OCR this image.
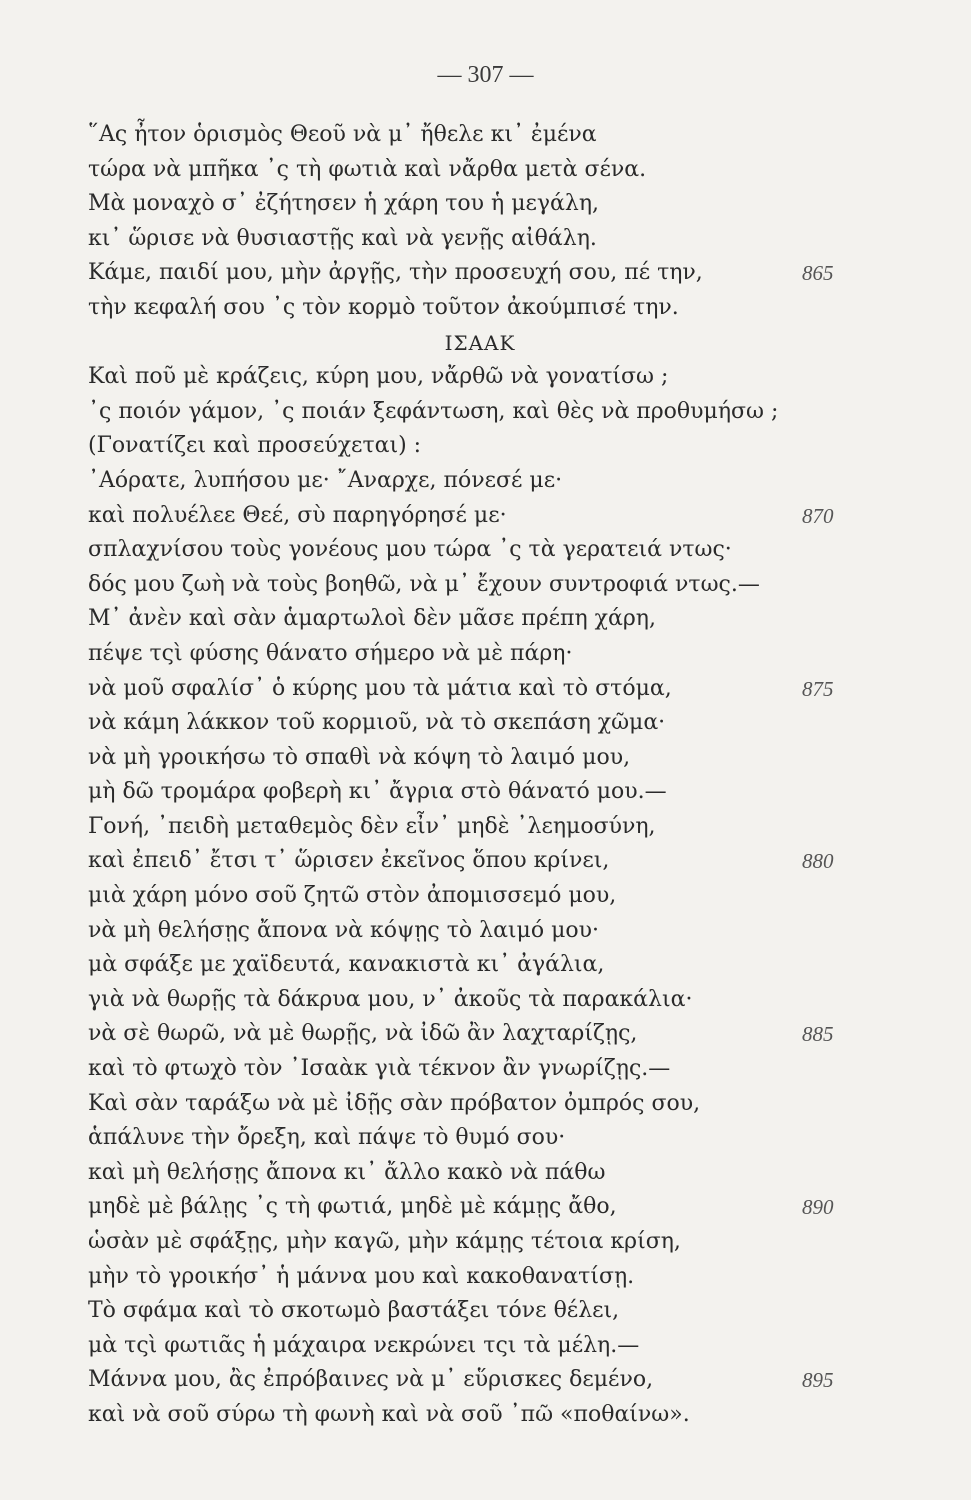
— 307 —
῞Ας ἦτον ὁρισμὸς Θεοῦ νὰ μ᾿ ἤθελε κι᾿ ἐμένα
τώρα νὰ μπῆκα ᾿ς τὴ φωτιὰ καὶ νἄρθα μετὰ σένα.
Μὰ μοναχὸ σ᾿ ἐζήτησεν ἡ χάρη του ἡ μεγάλη,
κι᾿ ὥρισε νὰ θυσιαστῇς καὶ νὰ γενῇς αἰθάλη.
Κάμε, παιδί μου, μὴν ἀργῇς, τὴν προσευχή σου, πέ την,	865
τὴν κεφαλή σου ᾿ς τὸν κορμὸ τοῦτον ἀκούμπισέ την.
ΙΣΑΑΚ
Καὶ ποῦ μὲ κράζεις, κύρη μου, νἄρθῶ νὰ γονατίσω ;
᾿ς ποιόν γάμον, ᾿ς ποιάν ξεφάντωση, καὶ θὲς νὰ προθυμήσω ;
(Γονατίζει καὶ προσεύχεται) :
᾿Αόρατε, λυπήσου με· ῎Αναρχε, πόνεσέ με·
καὶ πολυέλεε Θεέ, σὺ παρηγόρησέ με·	870
σπλαχνίσου τοὺς γονέους μου τώρα ᾿ς τὰ γερατειά ντως·
δός μου ζωὴ νὰ τοὺς βοηθῶ, νὰ μ᾿ ἔχουν συντροφιά ντως.—
Μ᾿ ἀνὲν καὶ σὰν ἁμαρτωλοὶ δὲν μᾶσε πρέπη χάρη,
πέψε τςὶ φύσης θάνατο σήμερο νὰ μὲ πάρη·
νὰ μοῦ σφαλίσ᾿ ὁ κύρης μου τὰ μάτια καὶ τὸ στόμα,	875
νὰ κάμη λάκκον τοῦ κορμιοῦ, νὰ τὸ σκεπάση χῶμα·
νὰ μὴ γροικήσω τὸ σπαθὶ νὰ κόψη τὸ λαιμό μου,
μὴ δῶ τρομάρα φοβερὴ κι᾿ ἄγρια στὸ θάνατό μου.—
Γονή, ᾿πειδὴ μεταθεμὸς δὲν εἶν᾿ μηδὲ ᾿λεημοσύνη,
καὶ ἐπειδ᾿ ἔτσι τ᾿ ὥρισεν ἐκεῖνος ὅπου κρίνει,	880
μιὰ χάρη μόνο σοῦ ζητῶ στὸν ἀπομισσεμό μου,
νὰ μὴ θελήσῃς ἄπονα νὰ κόψῃς τὸ λαιμό μου·
μὰ σφάξε με χαϊδευτά, κανακιστὰ κι᾿ ἀγάλια,
γιὰ νὰ θωρῇς τὰ δάκρυα μου, ν᾿ ἀκοῦς τὰ παρακάλια·
νὰ σὲ θωρῶ, νὰ μὲ θωρῇς, νὰ ἰδῶ ἂν λαχταρίζῃς,	885
καὶ τὸ φτωχὸ τὸν ᾿Ισαὰκ γιὰ τέκνον ἂν γνωρίζῃς.—
Καὶ σὰν ταράξω νὰ μὲ ἰδῇς σὰν πρόβατον ὀμπρός σου,
ἁπάλυνε τὴν ὄρεξη, καὶ πάψε τὸ θυμό σου·
καὶ μὴ θελήσῃς ἄπονα κι᾿ ἄλλο κακὸ νὰ πάθω
μηδὲ μὲ βάλῃς ᾿ς τὴ φωτιά, μηδὲ μὲ κάμῃς ἄθο,	890
ὡσὰν μὲ σφάξῃς, μὴν καγῶ, μὴν κάμῃς τέτοια κρίση,
μὴν τὸ γροικήσ᾿ ἡ μάννα μου καὶ κακοθανατίσῃ.
Τὸ σφάμα καὶ τὸ σκοτωμὸ βαστάξει τόνε θέλει,
μὰ τςὶ φωτιᾶς ἡ μάχαιρα νεκρώνει τςι τὰ μέλη.—
Μάννα μου, ἂς ἐπρόβαινες νὰ μ᾿ εὕρισκες δεμένο,	895
καὶ νὰ σοῦ σύρω τὴ φωνὴ καὶ νὰ σοῦ ᾿πῶ «ποθαίνω».
